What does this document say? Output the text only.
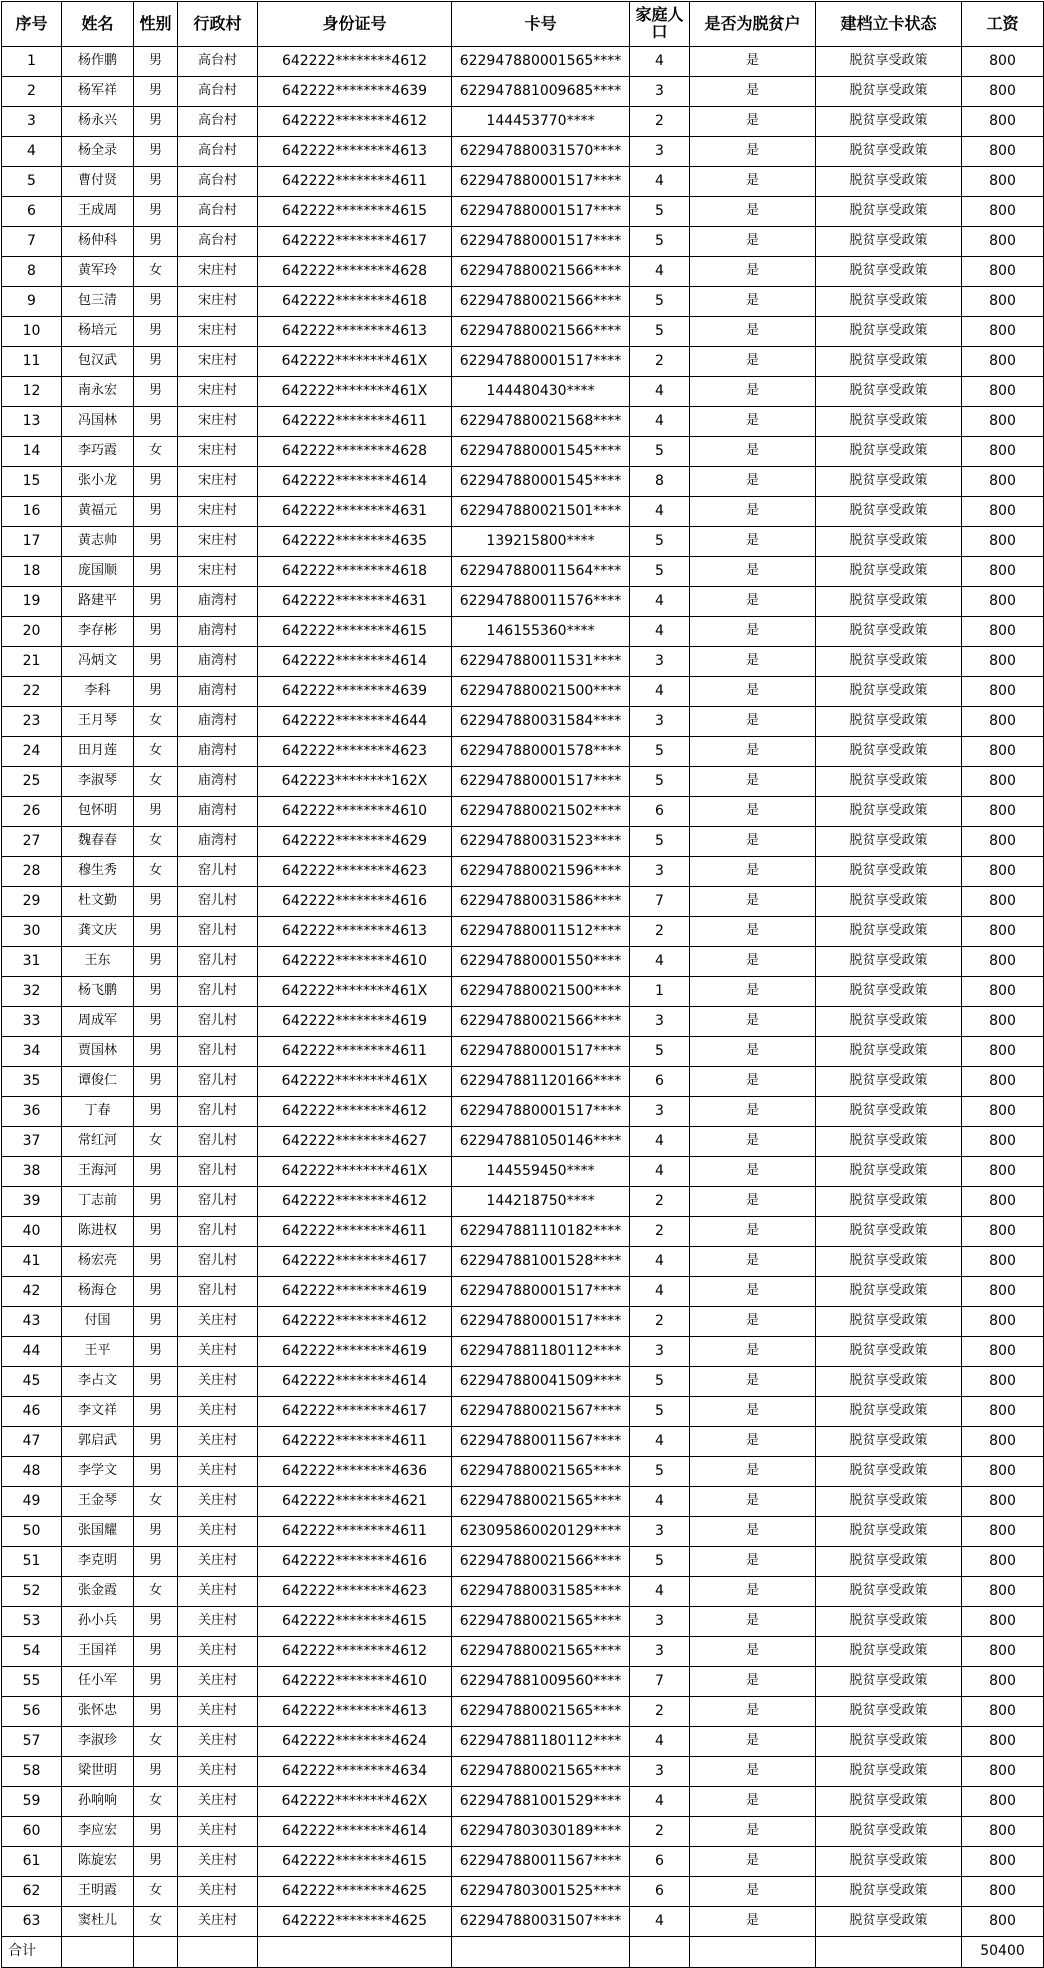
序号	姓名	性别	行政村	身份证号	卡号	家庭人口	是否为脱贫户	建档立卡状态	工资
1	杨作鹏	男	高台村	642222********4612	622947880001565****	4	是	脱贫享受政策	800
2	杨军祥	男	高台村	642222********4639	622947881009685****	3	是	脱贫享受政策	800
3	杨永兴	男	高台村	642222********4612	144453770****	2	是	脱贫享受政策	800
4	杨全录	男	高台村	642222********4613	622947880031570****	3	是	脱贫享受政策	800
5	曹付贤	男	高台村	642222********4611	622947880001517****	4	是	脱贫享受政策	800
6	王成周	男	高台村	642222********4615	622947880001517****	5	是	脱贫享受政策	800
7	杨仲科	男	高台村	642222********4617	622947880001517****	5	是	脱贫享受政策	800
8	黄军玲	女	宋庄村	642222********4628	622947880021566****	4	是	脱贫享受政策	800
9	包三清	男	宋庄村	642222********4618	622947880021566****	5	是	脱贫享受政策	800
10	杨培元	男	宋庄村	642222********4613	622947880021566****	5	是	脱贫享受政策	800
11	包汉武	男	宋庄村	642222********461X	622947880001517****	2	是	脱贫享受政策	800
12	南永宏	男	宋庄村	642222********461X	144480430****	4	是	脱贫享受政策	800
13	冯国林	男	宋庄村	642222********4611	622947880021568****	4	是	脱贫享受政策	800
14	李巧霞	女	宋庄村	642222********4628	622947880001545****	5	是	脱贫享受政策	800
15	张小龙	男	宋庄村	642222********4614	622947880001545****	8	是	脱贫享受政策	800
16	黄福元	男	宋庄村	642222********4631	622947880021501****	4	是	脱贫享受政策	800
17	黄志帅	男	宋庄村	642222********4635	139215800****	5	是	脱贫享受政策	800
18	庞国顺	男	宋庄村	642222********4618	622947880011564****	5	是	脱贫享受政策	800
19	路建平	男	庙湾村	642222********4631	622947880011576****	4	是	脱贫享受政策	800
20	李存彬	男	庙湾村	642222********4615	146155360****	4	是	脱贫享受政策	800
21	冯炳文	男	庙湾村	642222********4614	622947880011531****	3	是	脱贫享受政策	800
22	李科	男	庙湾村	642222********4639	622947880021500****	4	是	脱贫享受政策	800
23	王月琴	女	庙湾村	642222********4644	622947880031584****	3	是	脱贫享受政策	800
24	田月莲	女	庙湾村	642222********4623	622947880001578****	5	是	脱贫享受政策	800
25	李淑琴	女	庙湾村	642223********162X	622947880001517****	5	是	脱贫享受政策	800
26	包怀明	男	庙湾村	642222********4610	622947880021502****	6	是	脱贫享受政策	800
27	魏春春	女	庙湾村	642222********4629	622947880031523****	5	是	脱贫享受政策	800
28	穆生秀	女	窑儿村	642222********4623	622947880021596****	3	是	脱贫享受政策	800
29	杜文勤	男	窑儿村	642222********4616	622947880031586****	7	是	脱贫享受政策	800
30	龚文庆	男	窑儿村	642222********4613	622947880011512****	2	是	脱贫享受政策	800
31	王东	男	窑儿村	642222********4610	622947880001550****	4	是	脱贫享受政策	800
32	杨飞鹏	男	窑儿村	642222********461X	622947880021500****	1	是	脱贫享受政策	800
33	周成军	男	窑儿村	642222********4619	622947880021566****	3	是	脱贫享受政策	800
34	贾国林	男	窑儿村	642222********4611	622947880001517****	5	是	脱贫享受政策	800
35	谭俊仁	男	窑儿村	642222********461X	622947881120166****	6	是	脱贫享受政策	800
36	丁春	男	窑儿村	642222********4612	622947880001517****	3	是	脱贫享受政策	800
37	常红河	女	窑儿村	642222********4627	622947881050146****	4	是	脱贫享受政策	800
38	王海河	男	窑儿村	642222********461X	144559450****	4	是	脱贫享受政策	800
39	丁志前	男	窑儿村	642222********4612	144218750****	2	是	脱贫享受政策	800
40	陈进权	男	窑儿村	642222********4611	622947881110182****	2	是	脱贫享受政策	800
41	杨宏亮	男	窑儿村	642222********4617	622947881001528****	4	是	脱贫享受政策	800
42	杨海仓	男	窑儿村	642222********4619	622947880001517****	4	是	脱贫享受政策	800
43	付国	男	关庄村	642222********4612	622947880001517****	2	是	脱贫享受政策	800
44	王平	男	关庄村	642222********4619	622947881180112****	3	是	脱贫享受政策	800
45	李占文	男	关庄村	642222********4614	622947880041509****	5	是	脱贫享受政策	800
46	李文祥	男	关庄村	642222********4617	622947880021567****	5	是	脱贫享受政策	800
47	郭启武	男	关庄村	642222********4611	622947880011567****	4	是	脱贫享受政策	800
48	李学文	男	关庄村	642222********4636	622947880021565****	5	是	脱贫享受政策	800
49	王金琴	女	关庄村	642222********4621	622947880021565****	4	是	脱贫享受政策	800
50	张国耀	男	关庄村	642222********4611	623095860020129****	3	是	脱贫享受政策	800
51	李克明	男	关庄村	642222********4616	622947880021566****	5	是	脱贫享受政策	800
52	张金霞	女	关庄村	642222********4623	622947880031585****	4	是	脱贫享受政策	800
53	孙小兵	男	关庄村	642222********4615	622947880021565****	3	是	脱贫享受政策	800
54	王国祥	男	关庄村	642222********4612	622947880021565****	3	是	脱贫享受政策	800
55	任小军	男	关庄村	642222********4610	622947881009560****	7	是	脱贫享受政策	800
56	张怀忠	男	关庄村	642222********4613	622947880021565****	2	是	脱贫享受政策	800
57	李淑珍	女	关庄村	642222********4624	622947881180112****	4	是	脱贫享受政策	800
58	梁世明	男	关庄村	642222********4634	622947880021565****	3	是	脱贫享受政策	800
59	孙响响	女	关庄村	642222********462X	622947881001529****	4	是	脱贫享受政策	800
60	李应宏	男	关庄村	642222********4614	622947803030189****	2	是	脱贫享受政策	800
61	陈旋宏	男	关庄村	642222********4615	622947880011567****	6	是	脱贫享受政策	800
62	王明霞	女	关庄村	642222********4625	622947803001525****	6	是	脱贫享受政策	800
63	窦杜儿	女	关庄村	642222********4625	622947880031507****	4	是	脱贫享受政策	800
合计									50400
